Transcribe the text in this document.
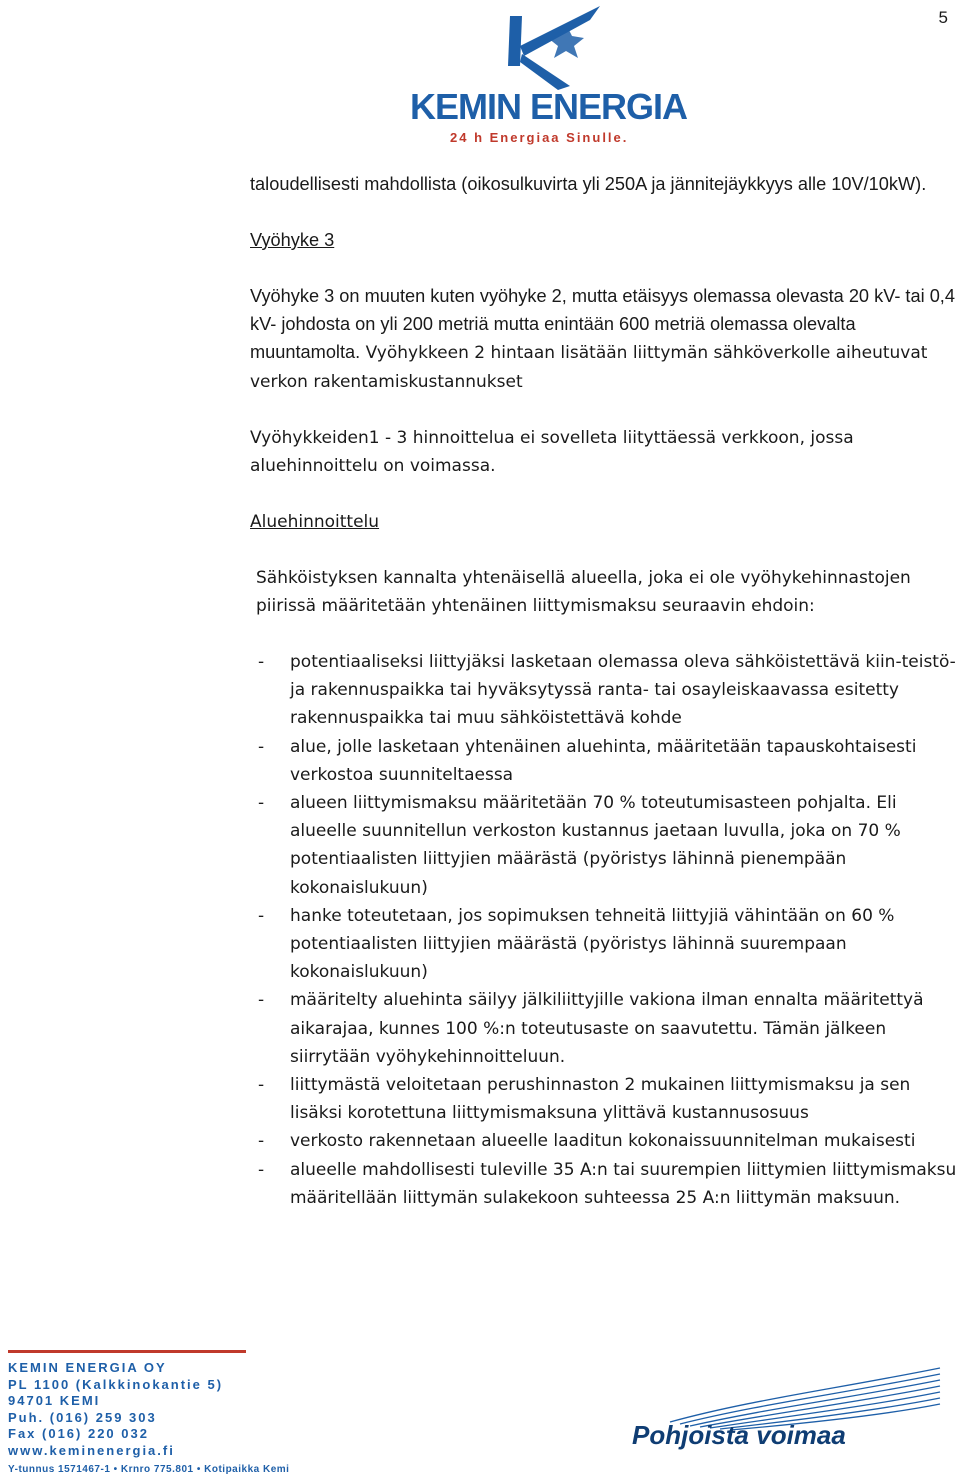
5
KEMIN ENERGIA
24 h Energiaa Sinulle.

taloudellisesti mahdollista (oikosulkuvirta yli 250A ja jännitejäykkyys alle 10V/10kW).

Vyöhyke 3

Vyöhyke 3 on muuten kuten vyöhyke 2, mutta etäisyys olemassa olevasta 20 kV- tai 0,4 kV- johdosta on yli 200 metriä mutta enintään 600 metriä olemassa olevalta muuntamolta. Vyöhykkeen 2 hintaan lisätään liittymän sähköverkolle aiheutuvat verkon rakentamiskustannukset

Vyöhykkeiden1 - 3 hinnoittelua ei sovelleta liityttäessä verkkoon, jossa aluehinnoittelu on voimassa.

Aluehinnoittelu

Sähköistyksen kannalta yhtenäisellä alueella, joka ei ole vyöhykehinnastojen piirissä määritetään yhtenäinen liittymismaksu seuraavin ehdoin:

- potentiaaliseksi liittyjäksi lasketaan olemassa oleva sähköistettävä kiin-teistö- ja rakennuspaikka tai hyväksytyssä ranta- tai osayleiskaavassa esitetty rakennuspaikka tai muu sähköistettävä kohde
- alue, jolle lasketaan yhtenäinen aluehinta, määritetään tapauskohtaisesti verkostoa suunniteltaessa
- alueen liittymismaksu määritetään 70 % toteutumisasteen pohjalta. Eli alueelle suunnitellun verkoston kustannus jaetaan luvulla, joka on 70 % potentiaalisten liittyjien määrästä (pyöristys lähinnä pienempään kokonaislukuun)
- hanke toteutetaan, jos sopimuksen tehneitä liittyjiä vähintään on 60 % potentiaalisten liittyjien määrästä (pyöristys lähinnä suurempaan kokonaislukuun)
- määritelty aluehinta säilyy jälkiliittyjille vakiona ilman ennalta määritettyä aikarajaa, kunnes 100 %:n toteutusaste on saavutettu. Tämän jälkeen siirrytään vyöhykehinnoitteluun.
- liittymästä veloitetaan perushinnaston 2 mukainen liittymismaksu ja sen lisäksi korotettuna liittymismaksuna ylittävä kustannusosuus
- verkosto rakennetaan alueelle laaditun kokonaissuunnitelman mukaisesti
- alueelle mahdollisesti tuleville 35 A:n tai suurempien liittymien liittymismaksu määritellään liittymän sulakekoon suhteessa 25 A:n liittymän maksuun.
KEMIN ENERGIA OY
PL 1100 (Kalkkinokantie 5)
94701 KEMI
Puh. (016) 259 303
Fax (016) 220 032
www.keminenergia.fi
Y-tunnus 1571467-1 • Krnro 775.801 • Kotipaikka Kemi
Pohjoista voimaa
